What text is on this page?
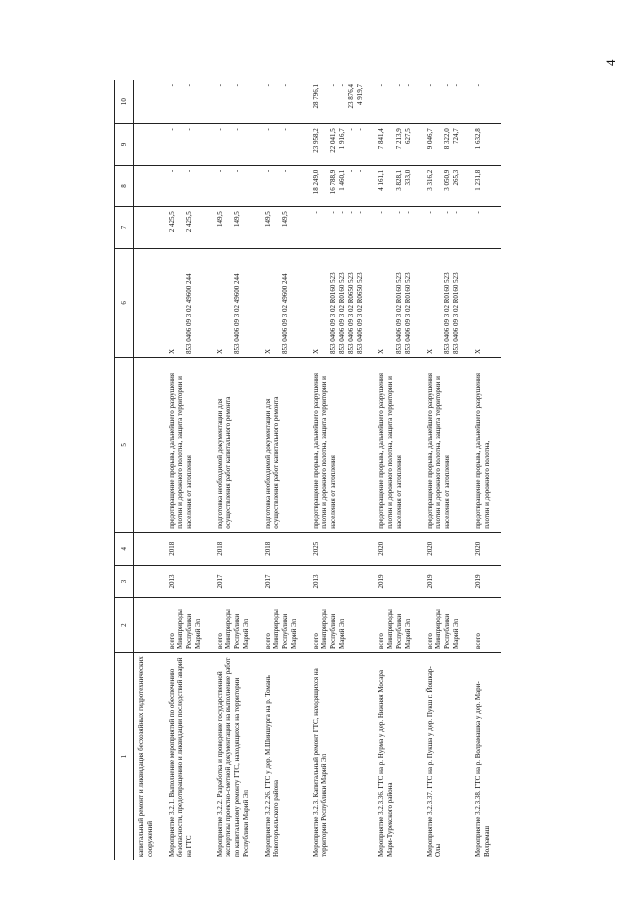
4
1	2	3	4	5	6	7	8	9	10
капитальный ремонт и ликвидация бесхозяйных гидротехнических сооружений									
Мероприятие 3.2.1. Выполнение мероприятий по обеспечению безопасности, предотвращению и ликвидации последствий аварий на ГТС	всего Минприроды Республики Марий Эл	2013	2018	предотвращение прорыва, дальнейшего разрушения плотин и дорожного полотна, защита территории и населения от затопления	Х 853 0406 09 3 02 49600 244	2 425,5 2 425,5	- -	- -	- -

Мероприятие 3.2.2. Разработка и проведение государственной экспертизы проектно-сметной документации на выполнение работ по капитальному ремонту ГТС, находящихся на территории Республики Марий Эл	всего Минприроды Республики Марий Эл	2017	2018	подготовка необходимой документации для осуществления работ капитального ремонта	Х 853 0406 09 3 02 49600 244	149,5 149,5	- -	- -	- -

Мероприятие 3.2.2.26. ГТС у дер. М.Шиншурга на р. Томань Новоторъяльского района	всего Минприроды Республики Марий Эл	2017	2018	подготовка необходимой документации для осуществления работ капитального ремонта	Х 853 0406 09 3 02 49600 244	149,5 149,5	- -	- -	- -

Мероприятие 3.2.3. Капитальный ремонт ГТС, находящихся на территории Республики Марий Эл	всего Минприроды Республики Марий Эл	2013	2025	предотвращение прорыва, дальнейшего разрушения плотин и дорожного полотна, защита территории и населения от затопления	Х 853 0406 09 3 02 R0160 523 853 0406 09 3 02 R0160 523 853 0406 09 3 02 R0650 523 853 0406 09 3 02 R0650 523	- - - - -	18 249,0 16 788,9 1 460,1 - -	23 958,2 22 041,5 1 916,7 - -	28 796,1 - - 23 876,4 4 919,7

Мероприятие 3.2.3.36. ГТС на р. Нурма у дер. Нижняя Мосара Мари-Турекского района	всего Минприроды Республики Марий Эл	2019	2020	предотвращение прорыва, дальнейшего разрушения плотин и дорожного полотна, защита территории и населения от затопления	Х 853 0406 09 3 02 R0160 523 853 0406 09 3 02 R0160 523	- - -	4 161,1 3 828,1 333,0	7 841,4 7 213,9 627,5	- - -

Мероприятие 3.2.3.37. ГТС на р. Пукша у дер. Пукш г. Йошкар-Олы	всего Минприроды Республики Марий Эл	2019	2020	предотвращение прорыва, дальнейшего разрушения плотин и дорожного полотна, защита территории и населения от затопления	Х 853 0406 09 3 02 R0160 523 853 0406 09 3 02 R0160 523	- - -	3 316,2 3 050,9 265,3	9 046,7 8 322,0 724,7	- - -

Мероприятие 3.2.3.38. ГТС на р. Волрамашка у дер. Мари-Волрамаш	всего	2019	2020	предотвращение прорыва, дальнейшего разрушения плотин и дорожного полотна,	Х	-	1 231,8	1 632,8	-
